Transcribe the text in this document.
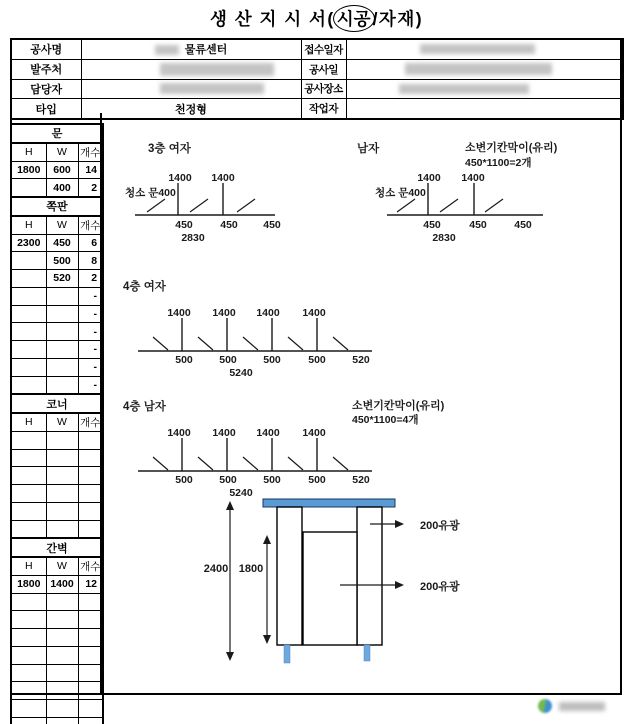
생 산 지 시 서( 시공 /자재)
공사명	물류센터	접수일자	
발주처		공사일	
담당자		공사장소	
타입	천정형	작업자	
문		
H	W	개수
1800	600	14
	400	2
쪽판		
H	W	개수
2300	450	6
	500	8
	520	2
		-
		-
		-
		-
		-
		-
코너		
H	W	개수

간벽		
H	W	개수
1800	1400	12

3층 여자
1400 1400
청소 문400
450	450 450
2830
남자	소변기칸막이(유리)
450*1100=2개
1400 1400
청소 문400
450	450	450
2830
4층 여자
1400 1400 1400 1400
500	500	500	500	520
5240
4층 남자	소변기칸막이(유리)
450*1100=4개
1400 1400 1400 1400
500	500	500	500	520
5240
2400 1800
200유광
200유광
